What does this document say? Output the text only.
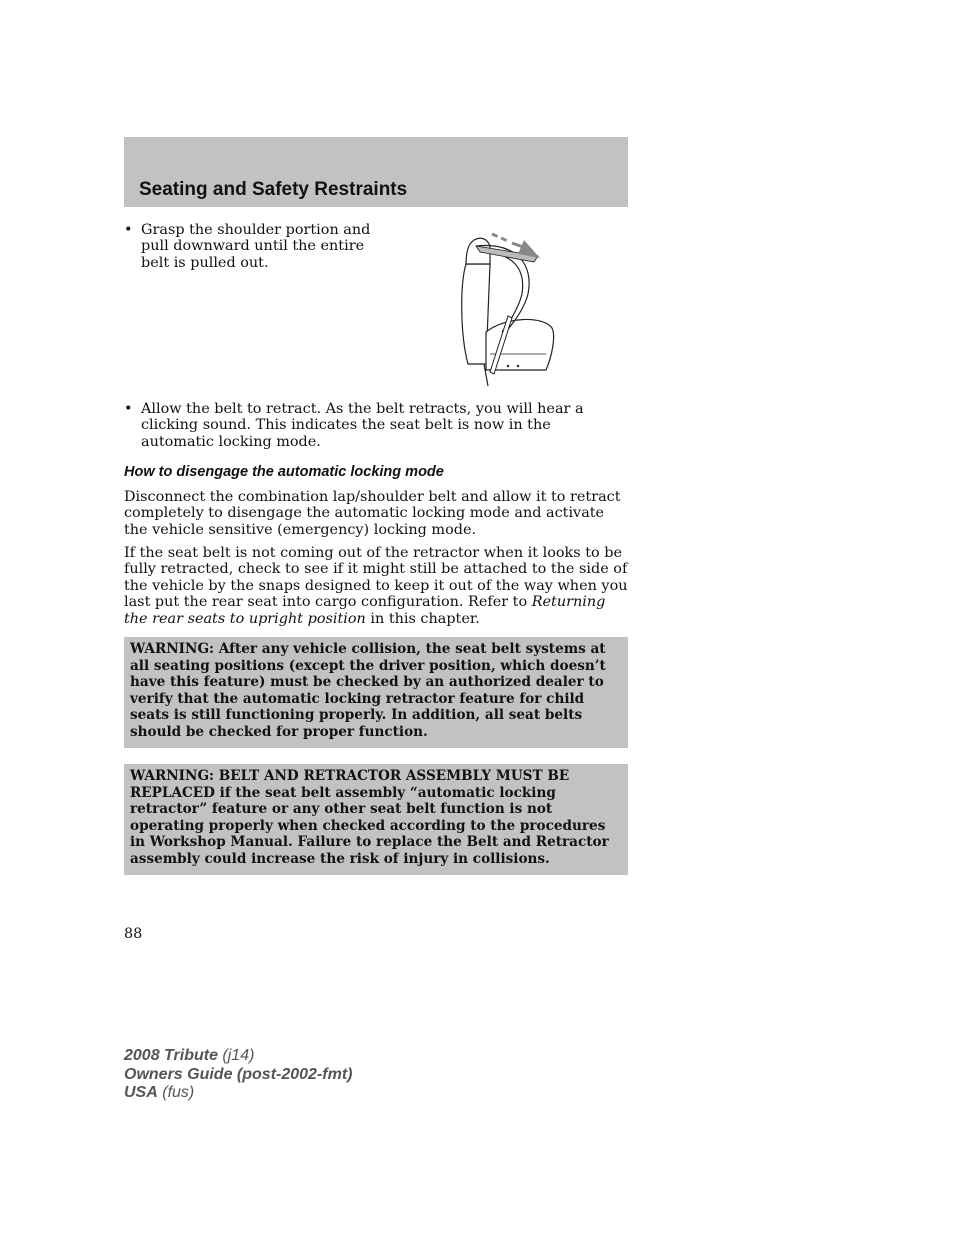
Seating and Safety Restraints
• Grasp the shoulder portion and pull downward until the entire belt is pulled out.
• Allow the belt to retract. As the belt retracts, you will hear a clicking sound. This indicates the seat belt is now in the automatic locking mode.
How to disengage the automatic locking mode

Disconnect the combination lap/shoulder belt and allow it to retract completely to disengage the automatic locking mode and activate the vehicle sensitive (emergency) locking mode.

If the seat belt is not coming out of the retractor when it looks to be fully retracted, check to see if it might still be attached to the side of the vehicle by the snaps designed to keep it out of the way when you last put the rear seat into cargo configuration. Refer to Returning the rear seats to upright position in this chapter.

WARNING: After any vehicle collision, the seat belt systems at all seating positions (except the driver position, which doesn’t have this feature) must be checked by an authorized dealer to verify that the automatic locking retractor feature for child seats is still functioning properly. In addition, all seat belts should be checked for proper function.
WARNING: BELT AND RETRACTOR ASSEMBLY MUST BE REPLACED if the seat belt assembly “automatic locking retractor” feature or any other seat belt function is not operating properly when checked according to the procedures in Workshop Manual. Failure to replace the Belt and Retractor assembly could increase the risk of injury in collisions.
88
2008 Tribute (j14)
Owners Guide (post-2002-fmt)
USA (fus)
